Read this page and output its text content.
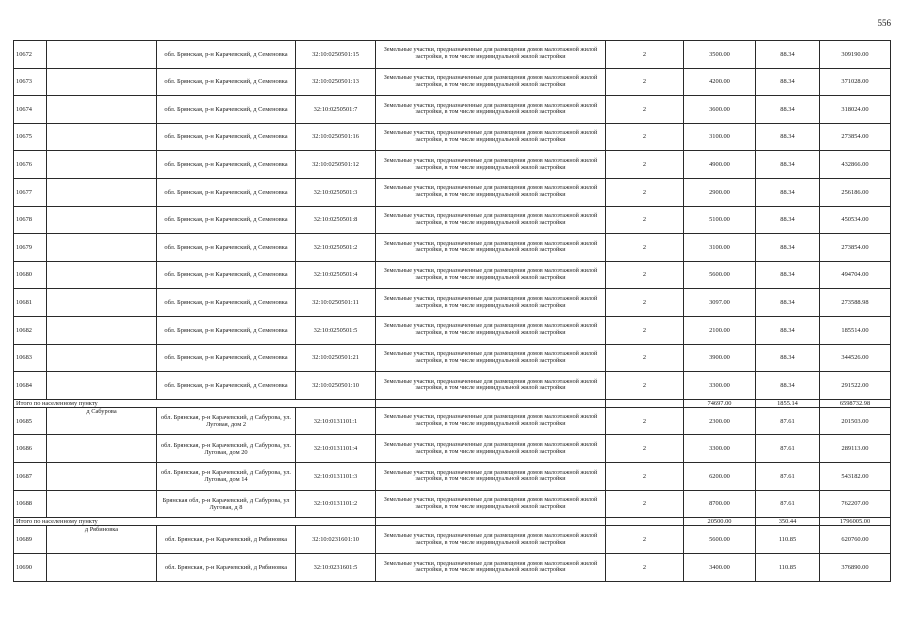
556
10672		обл. Брянская, р-н Карачевский, д Семеновка	32:10:0250501:15	Земельные участки, предназначенные для размещения домов малоэтажной жилой застройки, в том числе индивидуальной жилой застройки	2	3500.00	88.34	309190.00
10673		обл. Брянская, р-н Карачевский, д Семеновка	32:10:0250501:13	Земельные участки, предназначенные для размещения домов малоэтажной жилой застройки, в том числе индивидуальной жилой застройки	2	4200.00	88.34	371028.00
10674		обл. Брянская, р-н Карачевский, д Семеновка	32:10:0250501:7	Земельные участки, предназначенные для размещения домов малоэтажной жилой застройки, в том числе индивидуальной жилой застройки	2	3600.00	88.34	318024.00
10675		обл. Брянская, р-н Карачевский, д Семеновка	32:10:0250501:16	Земельные участки, предназначенные для размещения домов малоэтажной жилой застройки, в том числе индивидуальной жилой застройки	2	3100.00	88.34	273854.00
10676		обл. Брянская, р-н Карачевский, д Семеновка	32:10:0250501:12	Земельные участки, предназначенные для размещения домов малоэтажной жилой застройки, в том числе индивидуальной жилой застройки	2	4900.00	88.34	432866.00
10677		обл. Брянская, р-н Карачевский, д Семеновка	32:10:0250501:3	Земельные участки, предназначенные для размещения домов малоэтажной жилой застройки, в том числе индивидуальной жилой застройки	2	2900.00	88.34	256186.00
10678		обл. Брянская, р-н Карачевский, д Семеновка	32:10:0250501:8	Земельные участки, предназначенные для размещения домов малоэтажной жилой застройки, в том числе индивидуальной жилой застройки	2	5100.00	88.34	450534.00
10679		обл. Брянская, р-н Карачевский, д Семеновка	32:10:0250501:2	Земельные участки, предназначенные для размещения домов малоэтажной жилой застройки, в том числе индивидуальной жилой застройки	2	3100.00	88.34	273854.00
10680		обл. Брянская, р-н Карачевский, д Семеновка	32:10:0250501:4	Земельные участки, предназначенные для размещения домов малоэтажной жилой застройки, в том числе индивидуальной жилой застройки	2	5600.00	88.34	494704.00
10681		обл. Брянская, р-н Карачевский, д Семеновка	32:10:0250501:11	Земельные участки, предназначенные для размещения домов малоэтажной жилой застройки, в том числе индивидуальной жилой застройки	2	3097.00	88.34	273588.98
10682		обл. Брянская, р-н Карачевский, д Семеновка	32:10:0250501:5	Земельные участки, предназначенные для размещения домов малоэтажной жилой застройки, в том числе индивидуальной жилой застройки	2	2100.00	88.34	185514.00
10683		обл. Брянская, р-н Карачевский, д Семеновка	32:10:0250501:21	Земельные участки, предназначенные для размещения домов малоэтажной жилой застройки, в том числе индивидуальной жилой застройки	2	3900.00	88.34	344526.00
10684		обл. Брянская, р-н Карачевский, д Семеновка	32:10:0250501:10	Земельные участки, предназначенные для размещения домов малоэтажной жилой застройки, в том числе индивидуальной жилой застройки	2	3300.00	88.34	291522.00
Итого по населенному пункту						74697.00	1855.14	6598732.98
10685	д Сабурова	обл. Брянская, р-н Карачевский, д Сабурова, ул. Луговая, дом 2	32:10:0131101:1	Земельные участки, предназначенные для размещения домов малоэтажной жилой застройки, в том числе индивидуальной жилой застройки	2	2300.00	87.61	201503.00
10686		обл. Брянская, р-н Карачевский, д Сабурова, ул. Луговая, дом 20	32:10:0131101:4	Земельные участки, предназначенные для размещения домов малоэтажной жилой застройки, в том числе индивидуальной жилой застройки	2	3300.00	87.61	289113.00
10687		обл. Брянская, р-н Карачевский, д Сабурова, ул. Луговая, дом 14	32:10:0131101:3	Земельные участки, предназначенные для размещения домов малоэтажной жилой застройки, в том числе индивидуальной жилой застройки	2	6200.00	87.61	543182.00
10688		Брянская обл, р-н Карачевский, д Сабурова, ул Луговая, д 8	32:10:0131101:2	Земельные участки, предназначенные для размещения домов малоэтажной жилой застройки, в том числе индивидуальной жилой застройки	2	8700.00	87.61	762207.00
Итого по населенному пункту						20500.00	350.44	1796005.00
10689	д Рябиновка	обл. Брянская, р-н Карачевский, д Рябиновка	32:10:0231601:10	Земельные участки, предназначенные для размещения домов малоэтажной жилой застройки, в том числе индивидуальной жилой застройки	2	5600.00	110.85	620760.00
10690		обл. Брянская, р-н Карачевский, д Рябиновка	32:10:0231601:5	Земельные участки, предназначенные для размещения домов малоэтажной жилой застройки, в том числе индивидуальной жилой застройки	2	3400.00	110.85	376890.00
